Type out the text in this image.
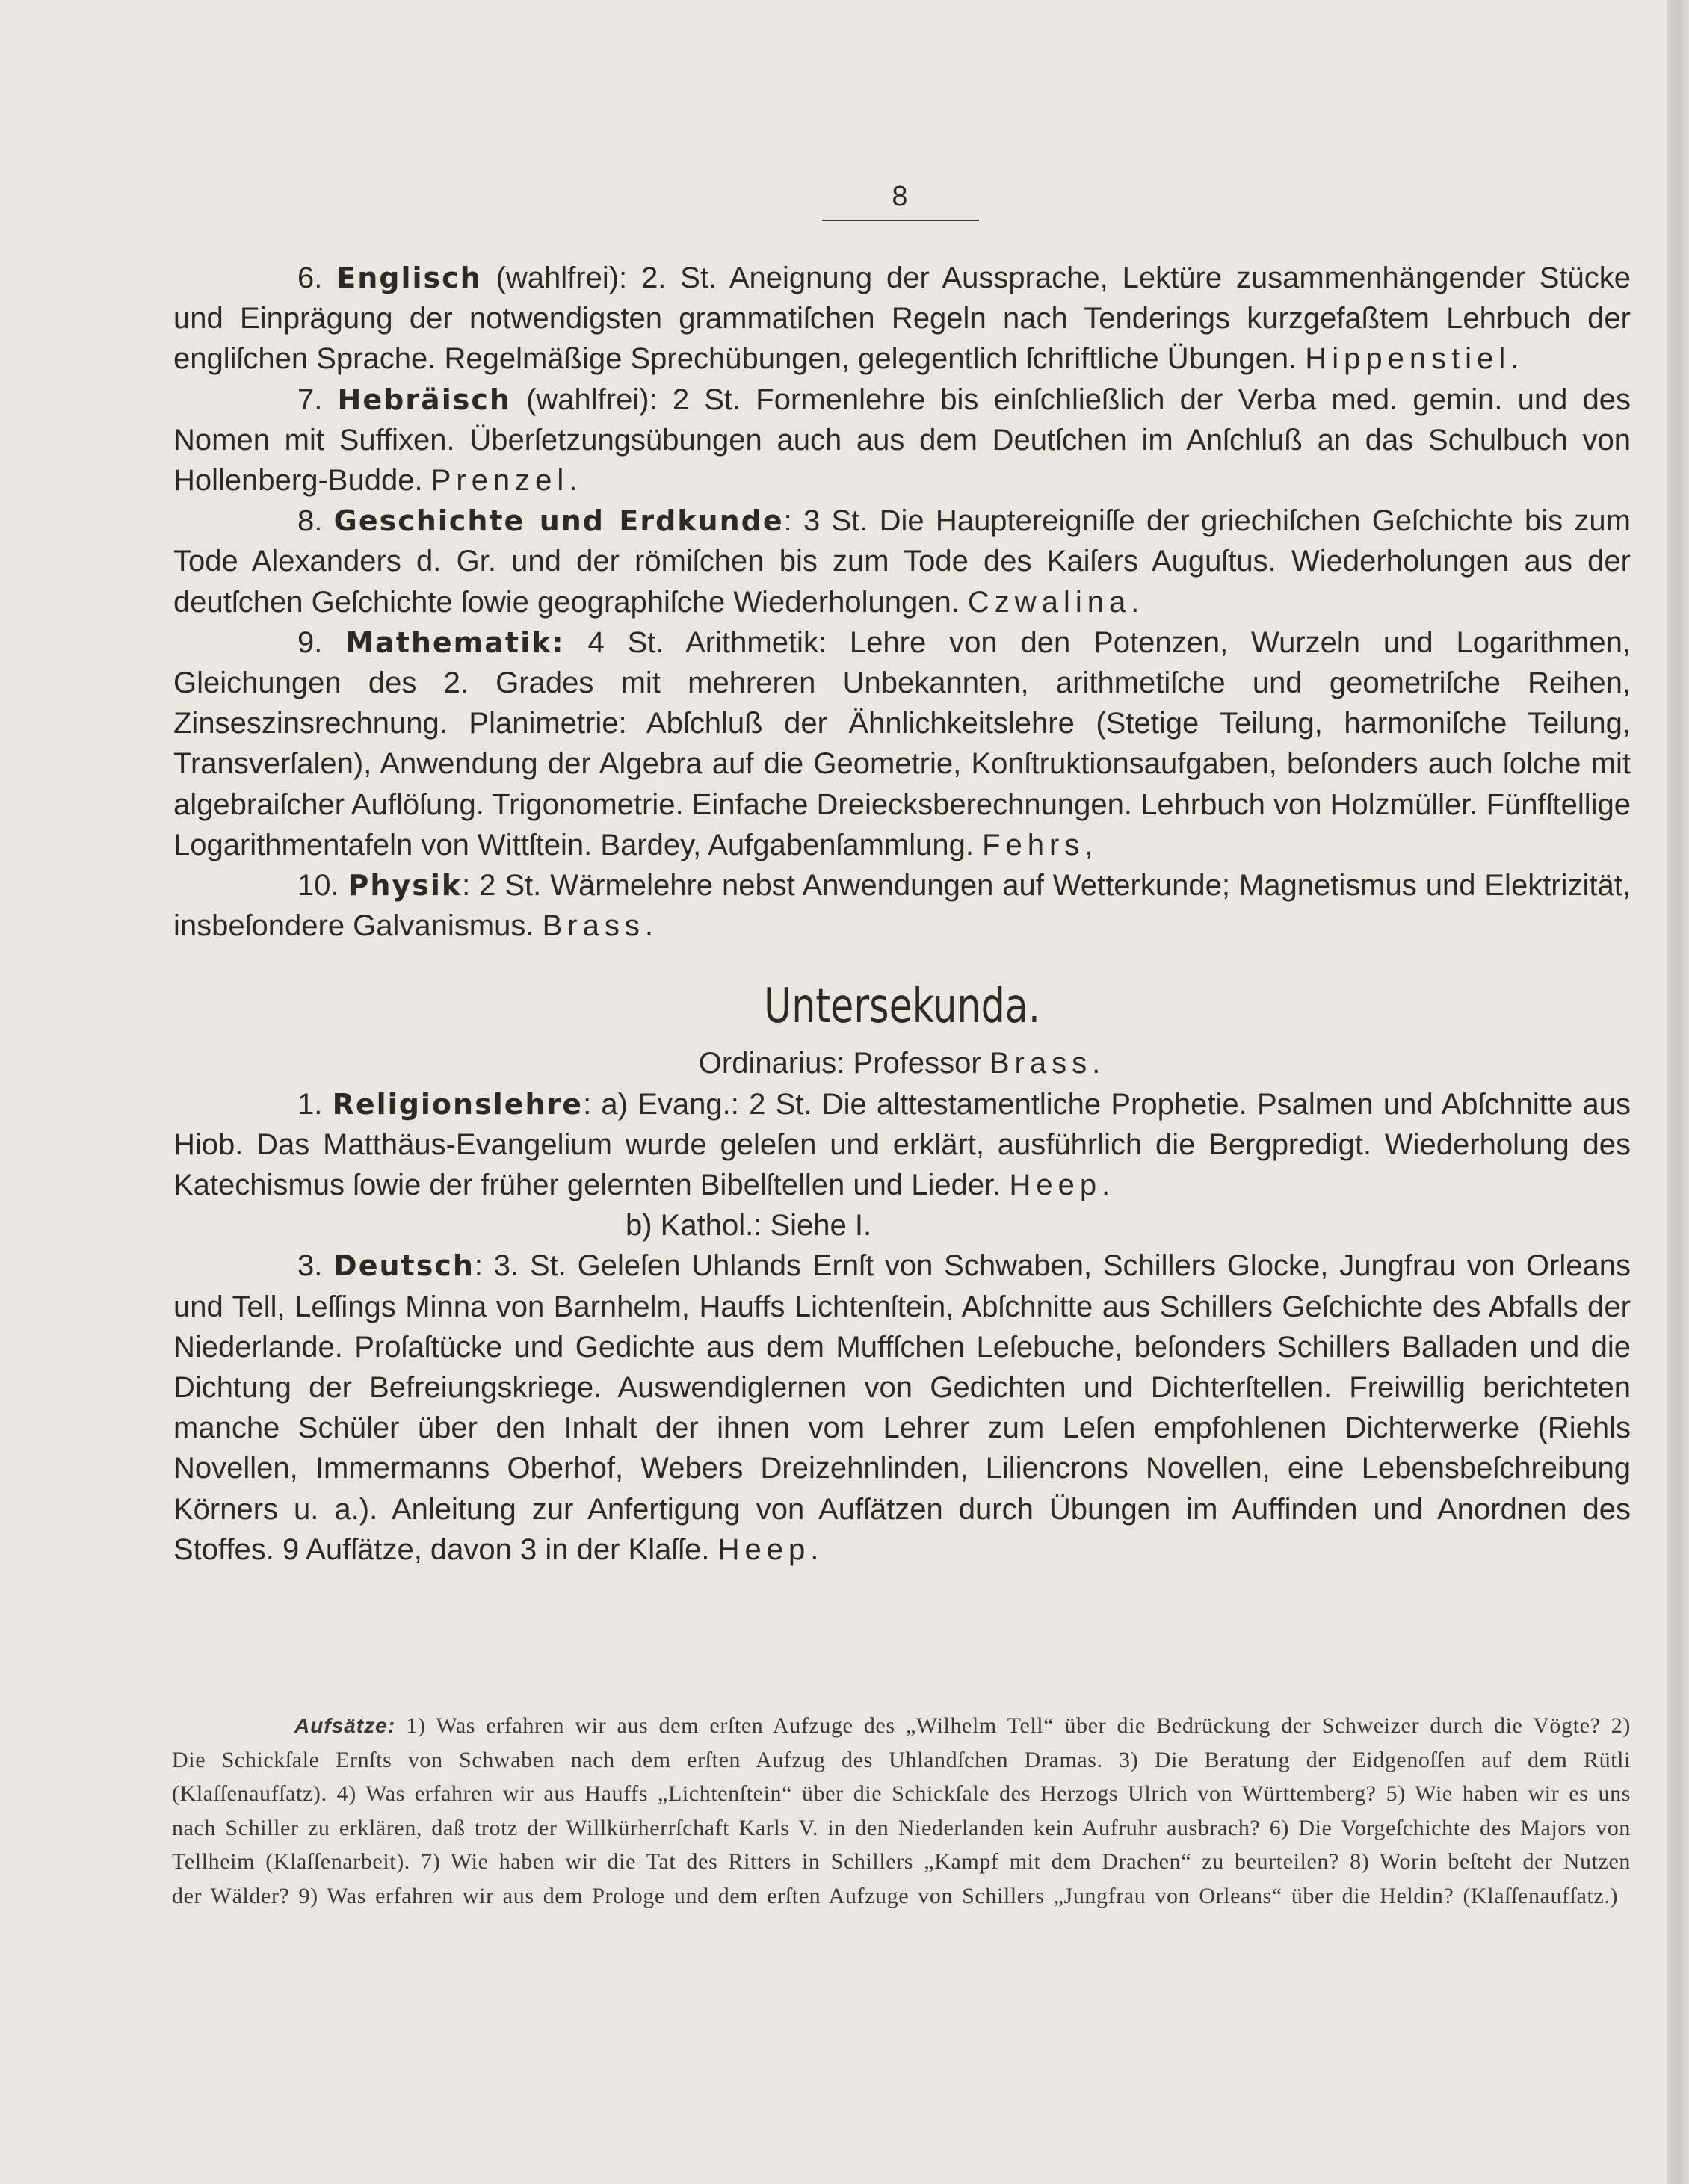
8

6. Englisch (wahlfrei): 2. St. Aneignung der Aussprache, Lektüre zusammenhängender Stücke und Einprägung der notwendigsten grammatiſchen Regeln nach Tenderings kurzgefaßtem Lehrbuch der engliſchen Sprache. Regelmäßige Sprechübungen, gelegentlich ſchriftliche Übungen. Hippenstiel.

7. Hebräisch (wahlfrei): 2 St. Formenlehre bis einſchließlich der Verba med. gemin. und des Nomen mit Suffixen. Überſetzungsübungen auch aus dem Deutſchen im Anſchluß an das Schulbuch von Hollenberg-Budde. Prenzel.

8. Geschichte und Erdkunde: 3 St. Die Hauptereigniſſe der griechiſchen Geſchichte bis zum Tode Alexanders d. Gr. und der römiſchen bis zum Tode des Kaiſers Auguſtus. Wiederholungen aus der deutſchen Geſchichte ſowie geographiſche Wiederholungen. Czwalina.

9. Mathematik: 4 St. Arithmetik: Lehre von den Potenzen, Wurzeln und Logarithmen, Gleichungen des 2. Grades mit mehreren Unbekannten, arithmetiſche und geometriſche Reihen, Zinseszinsrechnung. Planimetrie: Abſchluß der Ähnlichkeitslehre (Stetige Teilung, harmoniſche Teilung, Transverſalen), Anwendung der Algebra auf die Geometrie, Konſtruktionsaufgaben, beſonders auch ſolche mit algebraiſcher Auflöſung. Trigonometrie. Einfache Dreiecksberechnungen. Lehrbuch von Holzmüller. Fünfſtellige Logarithmentafeln von Wittſtein. Bardey, Aufgabenſammlung. Fehrs,

10. Physik: 2 St. Wärmelehre nebst Anwendungen auf Wetterkunde; Magnetismus und Elektrizität, insbeſondere Galvanismus. Brass.

Untersekunda.

Ordinarius: Professor Brass.

1. Religionslehre: a) Evang.: 2 St. Die alttestamentliche Prophetie. Psalmen und Abſchnitte aus Hiob. Das Matthäus-Evangelium wurde geleſen und erklärt, ausführlich die Bergpredigt. Wiederholung des Katechismus ſowie der früher gelernten Bibelſtellen und Lieder. Heep.

b) Kathol.: Siehe I.

3. Deutsch: 3. St. Geleſen Uhlands Ernſt von Schwaben, Schillers Glocke, Jungfrau von Orleans und Tell, Leſſings Minna von Barnhelm, Hauffs Lichtenſtein, Abſchnitte aus Schillers Geſchichte des Abfalls der Niederlande. Proſaſtücke und Gedichte aus dem Muffſchen Leſebuche, beſonders Schillers Balladen und die Dichtung der Befreiungskriege. Auswendiglernen von Gedichten und Dichterſtellen. Freiwillig berichteten manche Schüler über den Inhalt der ihnen vom Lehrer zum Leſen empfohlenen Dichterwerke (Riehls Novellen, Immermanns Oberhof, Webers Dreizehnlinden, Liliencrons Novellen, eine Lebensbeſchreibung Körners u. a.). Anleitung zur Anfertigung von Aufſätzen durch Übungen im Auffinden und Anordnen des Stoffes. 9 Aufſätze, davon 3 in der Klaſſe. Heep.

Aufsätze: 1) Was erfahren wir aus dem erſten Aufzuge des „Wilhelm Tell“ über die Bedrückung der Schweizer durch die Vögte? 2) Die Schickſale Ernſts von Schwaben nach dem erſten Aufzug des Uhlandſchen Dramas. 3) Die Beratung der Eidgenoſſen auf dem Rütli (Klaſſenaufſatz). 4) Was erfahren wir aus Hauffs „Lichtenſtein“ über die Schickſale des Herzogs Ulrich von Württemberg? 5) Wie haben wir es uns nach Schiller zu erklären, daß trotz der Willkürherrſchaft Karls V. in den Niederlanden kein Aufruhr ausbrach? 6) Die Vorgeſchichte des Majors von Tellheim (Klaſſenarbeit). 7) Wie haben wir die Tat des Ritters in Schillers „Kampf mit dem Drachen“ zu beurteilen? 8) Worin beſteht der Nutzen der Wälder? 9) Was erfahren wir aus dem Prologe und dem erſten Aufzuge von Schillers „Jungfrau von Orleans“ über die Heldin? (Klaſſenaufſatz.)
